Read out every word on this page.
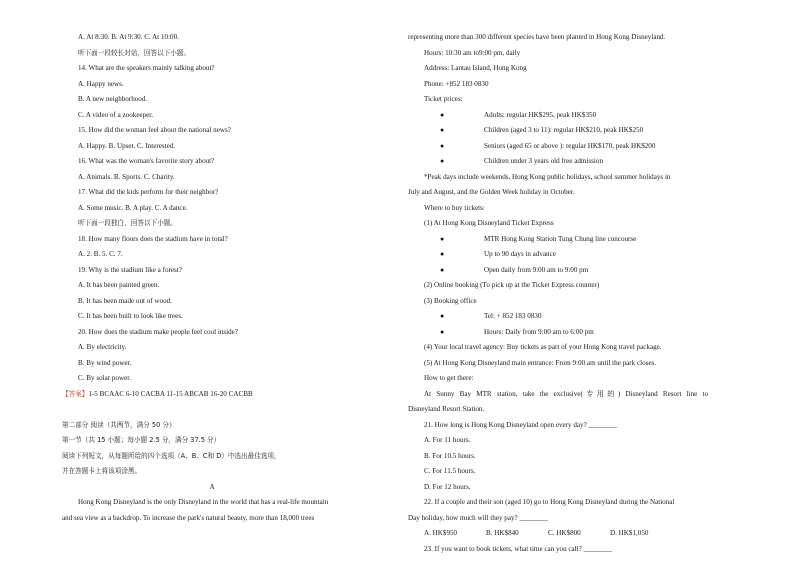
A. At 8:30. B. At 9:30. C. At 10:00.
听下面一段较长对话，回答以下小题。
14. What are the speakers mainly talking about?
A. Happy news.
B. A new neighborhood.
C. A video of a zookeeper.
15. How did the woman feel about the national news?
A. Happy. B. Upset. C. Interested.
16. What was the woman's favorite story about?
A. Animals. B. Sports. C. Charity.
17. What did the kids perform for their neighbor?
A. Some music. B. A play. C. A dance.
听下面一段独白，回答以下小题。
18. How many floors does the stadium have in total?
A. 2. B. 5. C. 7.
19. Why is the stadium like a forest?
A. It has been painted green.
B. It has been made out of wood.
C. It has been built to look like trees.
20. How does the stadium make people feel cool inside?
A. By electricity.
B. By wind power.
C. By solar power.
【答案】1-5 BCAAC 6-10 CACBA 11-15 ABCAB 16-20 CACBB
第二部分 阅读（共两节，满分 50 分）
第一节（共 15 小题；每小题 2.5 分，满分 37.5 分）
阅读下列短文，从每题所给的四个选项（A、B、C和 D）中选出最佳选项，
并在答题卡上将该项涂黑。
A
Hong Kong Disneyland is the only Disneyland in the world that has a real-life mountain
and sea view as a backdrop. To increase the park's natural beauty, more than 18,000 trees
representing more than 300 different species have been planted in Hong Kong Disneyland.
Hours: 10:30 am to9:00 pm, daily
Address: Lantau Island, Hong Kong
Phone: +852 183 0830
Ticket prices:
●	Adults: regular HK$295, peak HK$350
●	Children (aged 3 to 11): regular HK$210, peak HK$250
●	Seniors (aged 65 or above ): regular HK$170, peak HK$200
●	Children under 3 years old free admission
*Peak days include weekends, Hong Kong public holidays, school summer holidays in
July and August, and the Golden Week holiday in October.
Where to buy tickets:
(1) At Hong Kong Disneyland Ticket Express
●	MTR Hong Kong Station Tung Chung line concourse
●	Up to 90 days in advance
●	Open daily from 9:00 am to 9:00 pm
(2) Online booking (To pick up at the Ticket Express counter)
(3) Booking office
●	Tel: + 852 183 0830
●	Hours: Daily from 9:00 am to 6:00 pm
(4) Your local travel agency: Buy tickets as part of your Hong Kong travel package.
(5) At Hong Kong Disneyland main entrance: From 9:00 am until the park closes.
How to get there:
At Sunny Bay MTR station, take the exclusive(专用的) Disneyland Resort line to
Disneyland Resort Station.
21. How long is Hong Kong Disneyland open every day? ________
A. For 11 hours.
B. For 10.5 hours.
C. For 11.5 hours.
D. For 12 hours.
22. If a couple and their son (aged 10) go to Hong Kong Disneyland during the National
Day holiday, how much will they pay? ________
A. HK$950	B. HK$840	C. HK$800	D. HK$1,050
23. If you want to book tickets, what time can you call? ________
